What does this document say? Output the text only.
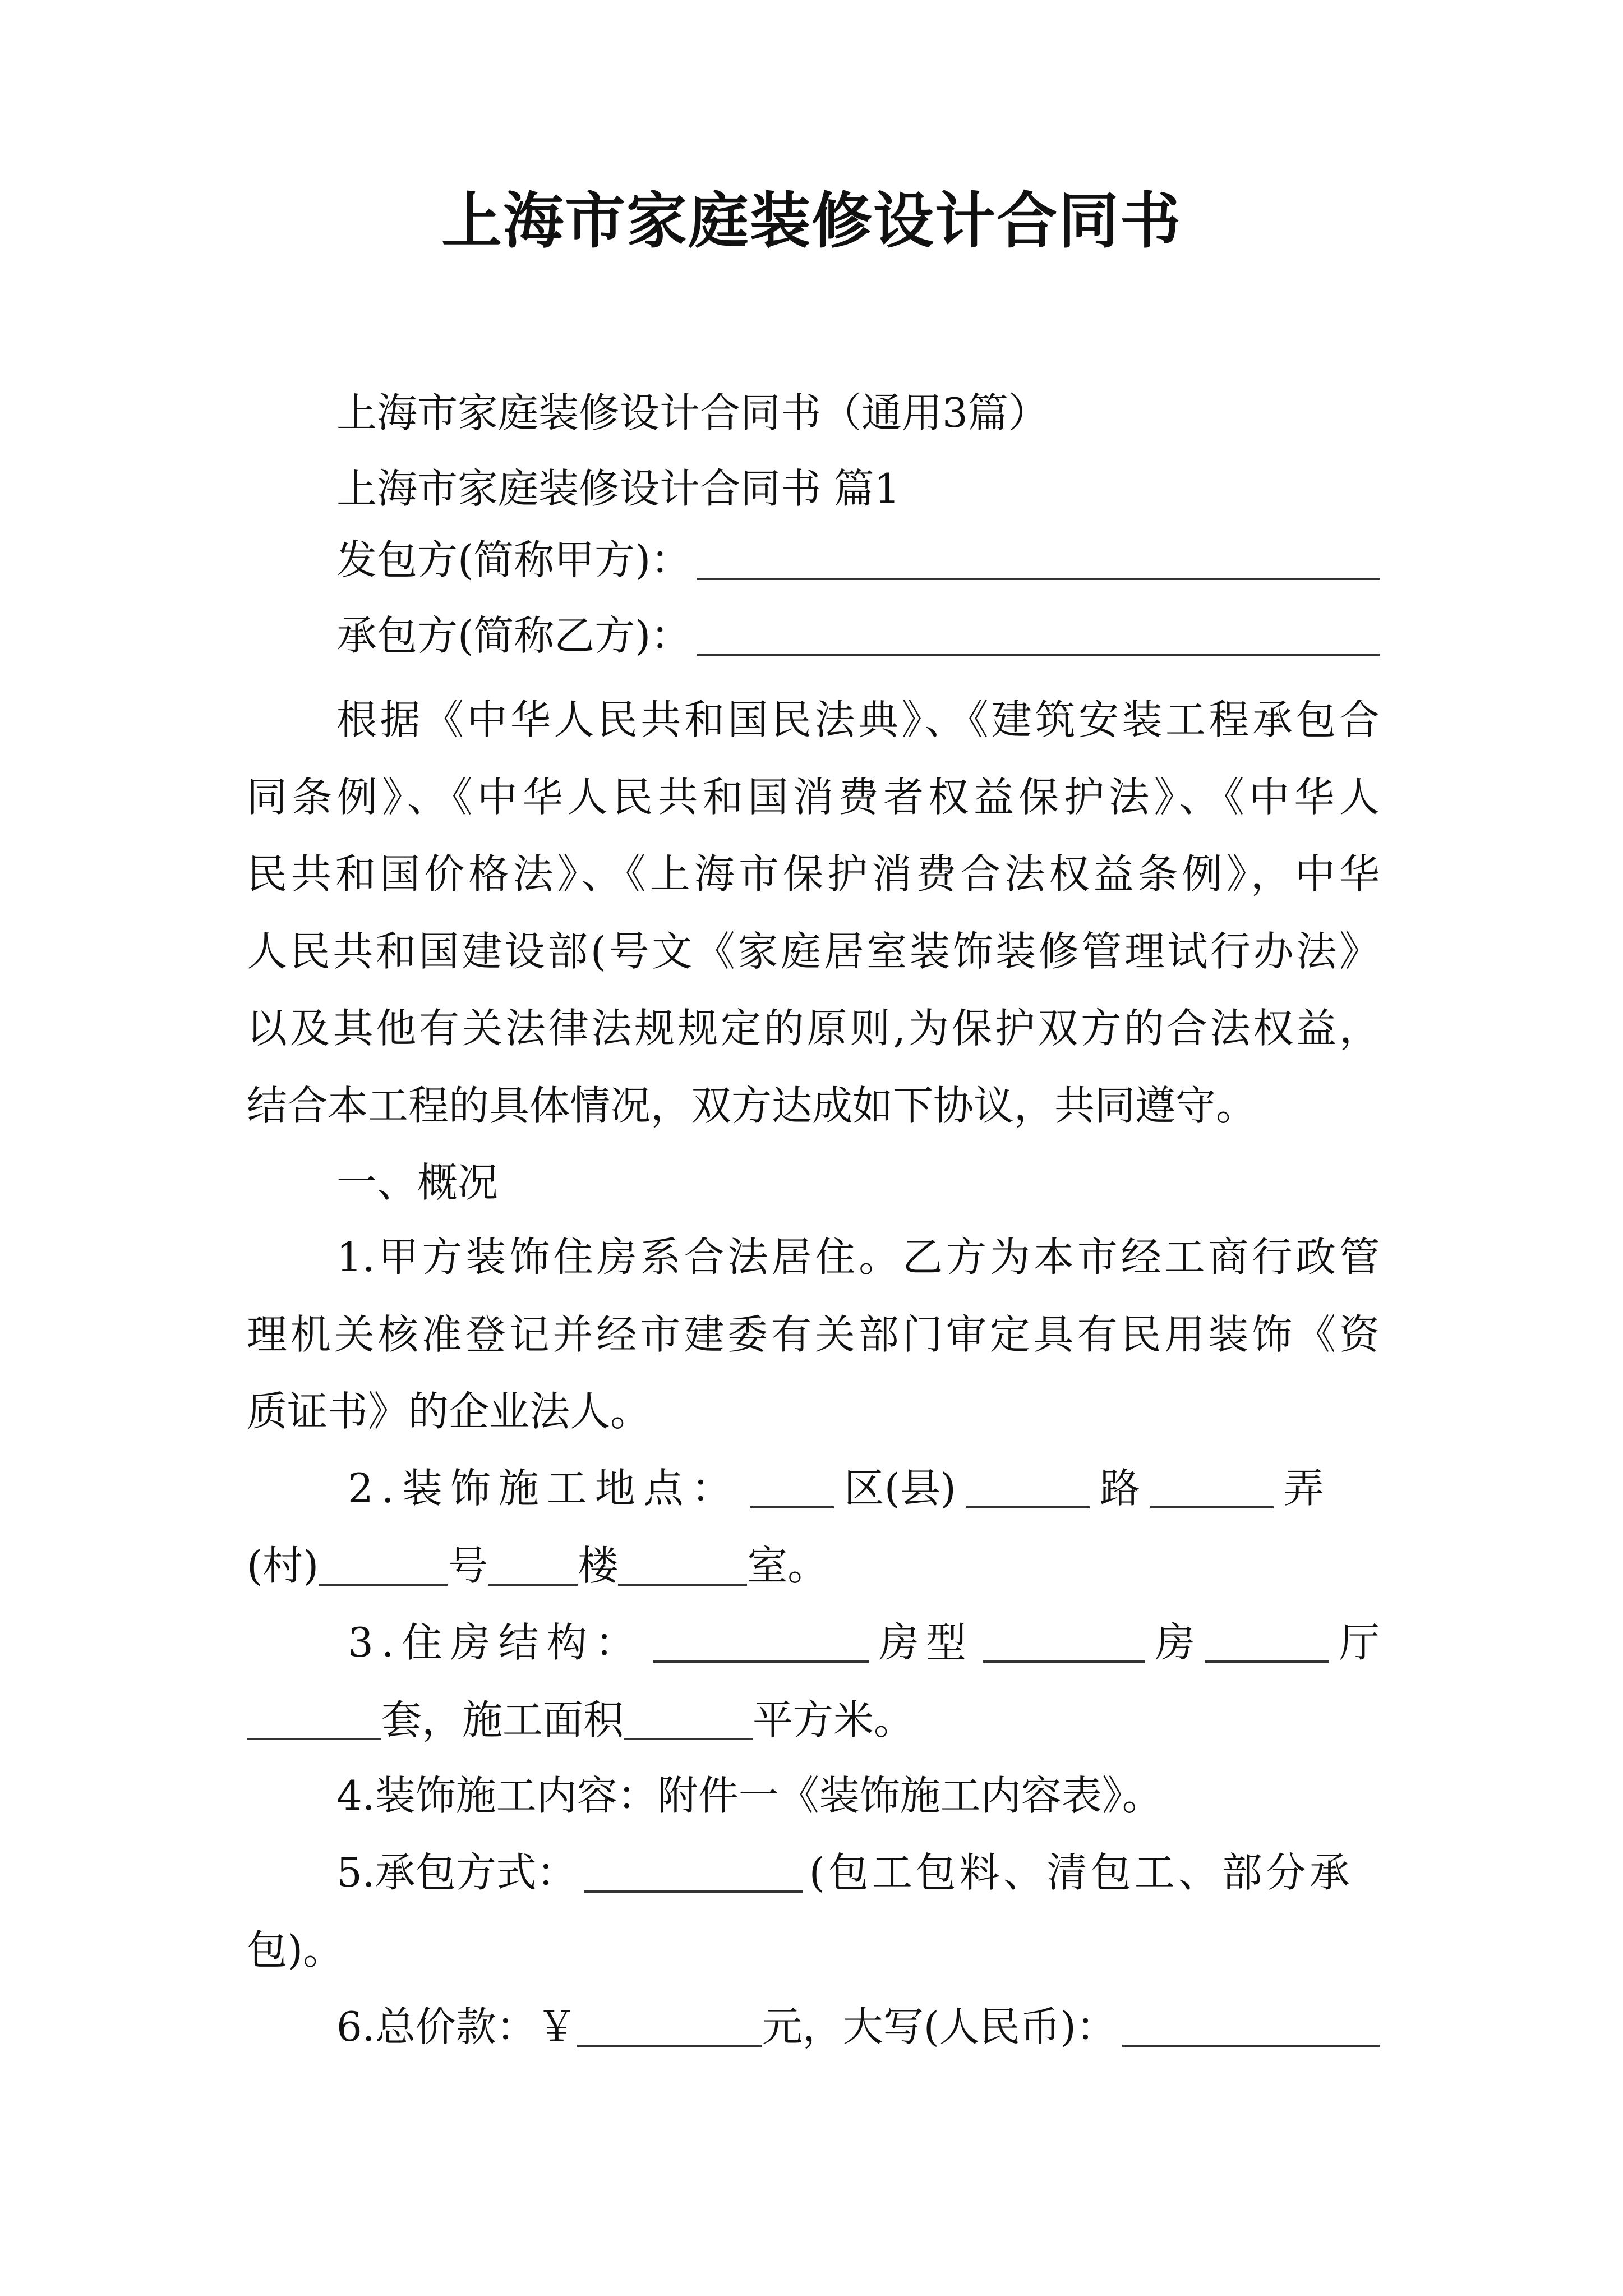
上海市家庭装修设计合同书
上海市家庭装修设计合同书（通用3篇）
上海市家庭装修设计合同书 篇1
发包方(简称甲方)：
承包方(简称乙方)：
根据《中华人民共和国民法典》、《建筑安装工程承包合
同条例》、《中华人民共和国消费者权益保护法》、《中华人
民共和国价格法》、《上海市保护消费合法权益条例》，中华
人民共和国建设部(号文《家庭居室装饰装修管理试行办法》
以及其他有关法律法规规定的原则,为保护双方的合法权益，
结合本工程的具体情况，双方达成如下协议，共同遵守。
一、概况
1.甲方装饰住房系合法居住。乙方为本市经工商行政管
理机关核准登记并经市建委有关部门审定具有民用装饰《资
质证书》的企业法人。
2.装饰施工地点：	区(县)	路	弄
(村)	号 楼	室。
3.住房结构：	房型	房	厅
套，施工面积	平方米。
4.装饰施工内容：附件一《装饰施工内容表》。
5.承包方式：	(包工包料、清包工、部分承
包)。
6.总价款：￥	元，大写(人民币)：
